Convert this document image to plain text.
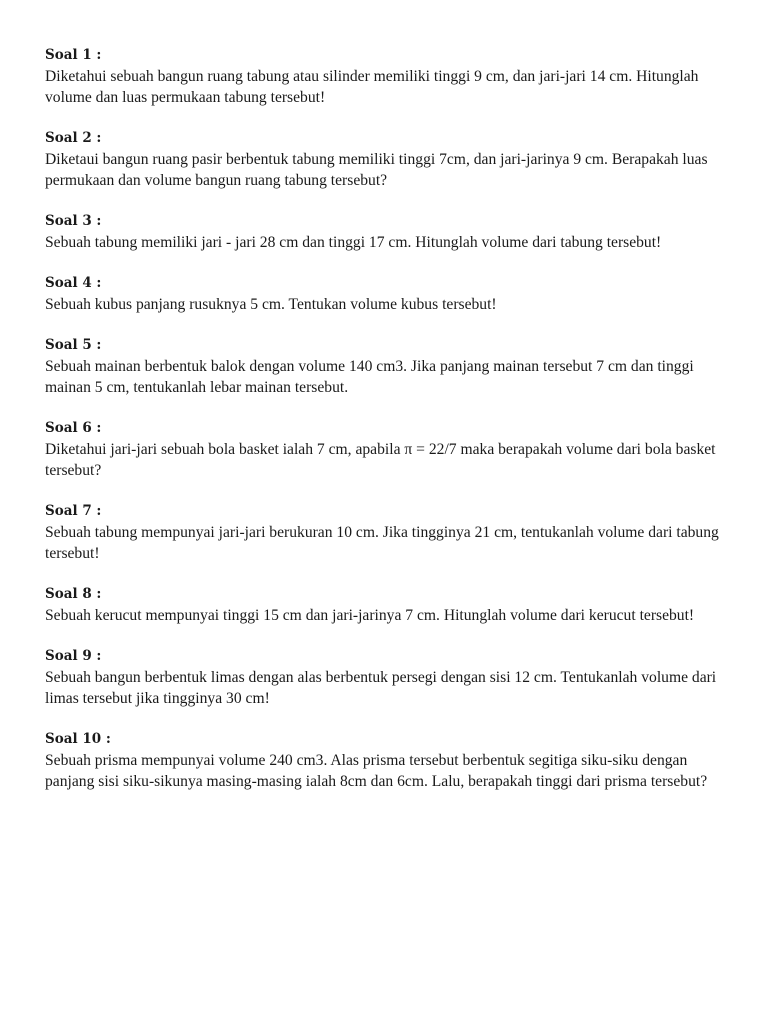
Soal 1 :

Diketahui sebuah bangun ruang tabung atau silinder memiliki tinggi 9 cm, dan jari-jari 14 cm. Hitunglah volume dan luas permukaan tabung tersebut!

Soal 2 :

Diketaui bangun ruang pasir berbentuk tabung memiliki tinggi 7cm, dan jari-jarinya 9 cm. Berapakah luas permukaan dan volume bangun ruang tabung tersebut?

Soal 3 :

Sebuah tabung memiliki jari - jari 28 cm dan tinggi 17 cm. Hitunglah volume dari tabung tersebut!

Soal 4 :

Sebuah kubus panjang rusuknya 5 cm. Tentukan volume kubus tersebut!

Soal 5 :

Sebuah mainan berbentuk balok dengan volume 140 cm3. Jika panjang mainan tersebut 7 cm dan tinggi mainan 5 cm, tentukanlah lebar mainan tersebut.

Soal 6 :

Diketahui jari-jari sebuah bola basket ialah 7 cm, apabila π = 22/7 maka berapakah volume dari bola basket tersebut?

Soal 7 :

Sebuah tabung mempunyai jari-jari berukuran 10 cm. Jika tingginya 21 cm, tentukanlah volume dari tabung tersebut!

Soal 8 :

Sebuah kerucut mempunyai tinggi 15 cm dan jari-jarinya 7 cm. Hitunglah volume dari kerucut tersebut!

Soal 9 :

Sebuah bangun berbentuk limas dengan alas berbentuk persegi dengan sisi 12 cm. Tentukanlah volume dari limas tersebut jika tingginya 30 cm!

Soal 10 :

Sebuah prisma mempunyai volume 240 cm3. Alas prisma tersebut berbentuk segitiga siku-siku dengan panjang sisi siku-sikunya masing-masing ialah 8cm dan 6cm. Lalu, berapakah tinggi dari prisma tersebut?
